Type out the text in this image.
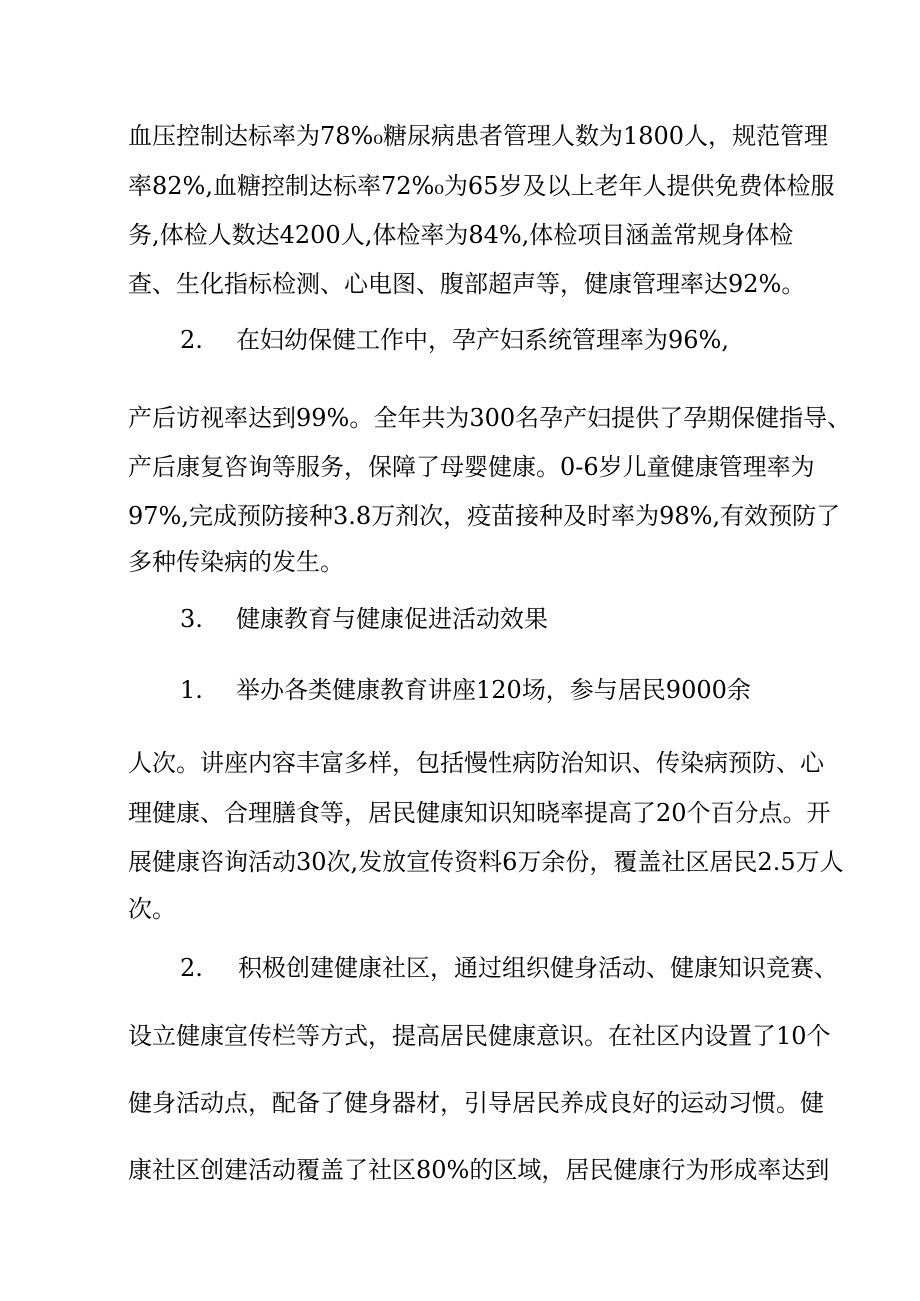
血压控制达标率为78%₀糖尿病患者管理人数为1800人，规范管理
率82%,血糖控制达标率72%₀为65岁及以上老年人提供免费体检服
务,体检人数达4200人,体检率为84%,体检项目涵盖常规身体检
查、生化指标检测、心电图、腹部超声等，健康管理率达92%。
2. 在妇幼保健工作中，孕产妇系统管理率为96%,
产后访视率达到99%。全年共为300名孕产妇提供了孕期保健指导、
产后康复咨询等服务，保障了母婴健康。0-6岁儿童健康管理率为
97%,完成预防接种3.8万剂次，疫苗接种及时率为98%,有效预防了
多种传染病的发生。
3. 健康教育与健康促进活动效果
1. 举办各类健康教育讲座120场，参与居民9000余
人次。讲座内容丰富多样，包括慢性病防治知识、传染病预防、心
理健康、合理膳食等，居民健康知识知晓率提高了20个百分点。开
展健康咨询活动30次,发放宣传资料6万余份，覆盖社区居民2.5万人
次。
2. 积极创建健康社区，通过组织健身活动、健康知识竞赛、
设立健康宣传栏等方式，提高居民健康意识。在社区内设置了10个
健身活动点，配备了健身器材，引导居民养成良好的运动习惯。健
康社区创建活动覆盖了社区80%的区域，居民健康行为形成率达到
